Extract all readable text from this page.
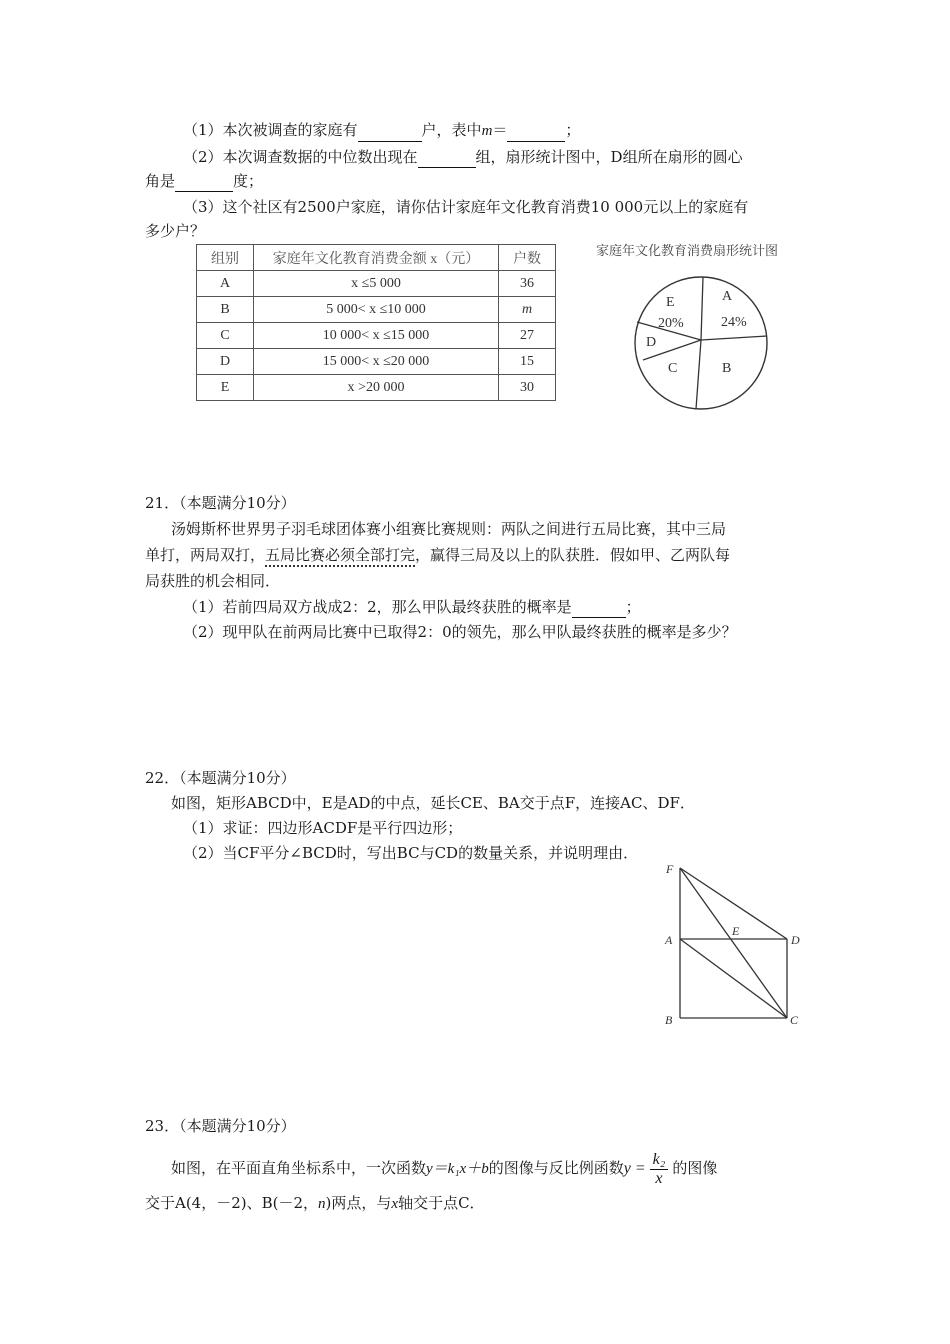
（1）本次被调查的家庭有	户，表中m＝	；
（2）本次调查数据的中位数出现在	组，扇形统计图中，D组所在扇形的圆心
角是	度；
（3）这个社区有2500户家庭，请你估计家庭年文化教育消费10 000元以上的家庭有
多少户？
组别	家庭年文化教育消费金额 x（元）	户数
A	x ≤5 000	36
B	5 000< x ≤10 000	m
C	10 000< x ≤15 000	27
D	15 000< x ≤20 000	15
E	x >20 000	30
家庭年文化教育消费扇形统计图
A
24%
B
C
D
E
20%
21．（本题满分10分）
汤姆斯杯世界男子羽毛球团体赛小组赛比赛规则：两队之间进行五局比赛，其中三局
单打，两局双打，五局比赛必须全部打完，赢得三局及以上的队获胜．假如甲、乙两队每
局获胜的机会相同．
（1）若前四局双方战成2：2，那么甲队最终获胜的概率是	；
（2）现甲队在前两局比赛中已取得2：0的领先，那么甲队最终获胜的概率是多少？
22．（本题满分10分）
如图，矩形ABCD中，E是AD的中点，延长CE、BA交于点F，连接AC、DF．
（1）求证：四边形ACDF是平行四边形；
（2）当CF平分∠BCD时，写出BC与CD的数量关系，并说明理由．
F
A
E
D
B	C
23．（本题满分10分）
如图，在平面直角坐标系中，一次函数y＝k₁x＋b的图像与反比例函数$y = \frac{\text{k₂}}{x}$ 的图像
交于A(4，－2)、B(－2，n)两点，与x轴交于点C．
